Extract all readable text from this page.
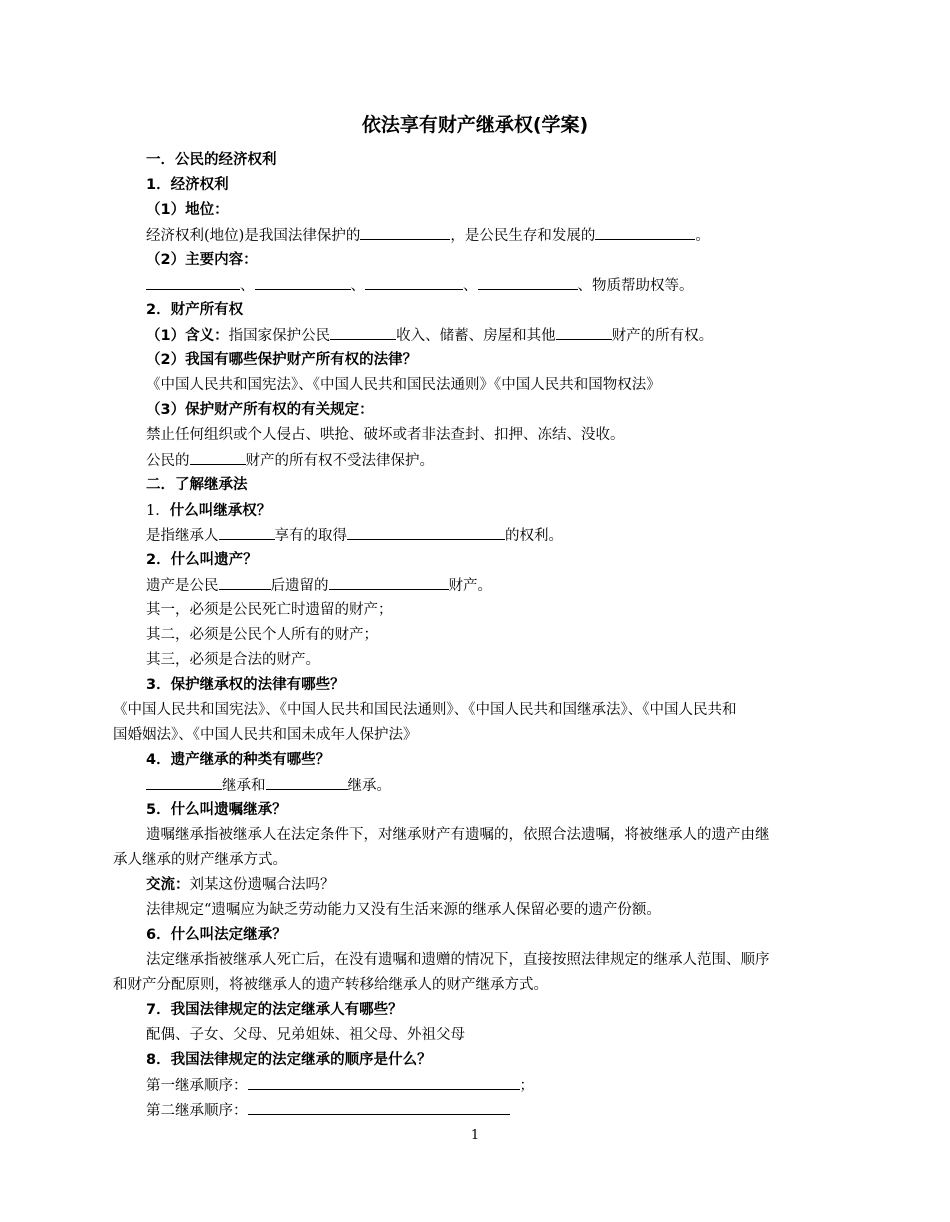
依法享有财产继承权(学案)
一．公民的经济权利
1．经济权利
（1）地位：
经济权利(地位)是我国法律保护的	，是公民生存和发展的	。
（2）主要内容：
、	、	、	、物质帮助权等。
2．财产所有权
（1）含义：指国家保护公民	收入、储蓄、房屋和其他	财产的所有权。
（2）我国有哪些保护财产所有权的法律？
《中国人民共和国宪法》、《中国人民共和国民法通则》《中国人民共和国物权法》
（3）保护财产所有权的有关规定：
禁止任何组织或个人侵占、哄抢、破坏或者非法查封、扣押、冻结、没收。
公民的	财产的所有权不受法律保护。
二．了解继承法
1．什么叫继承权？
是指继承人	享有的取得	的权利。
2．什么叫遗产？
遗产是公民	后遗留的	财产。
其一，必须是公民死亡时遗留的财产；
其二，必须是公民个人所有的财产；
其三，必须是合法的财产。
3．保护继承权的法律有哪些？
《中国人民共和国宪法》、《中国人民共和国民法通则》、《中国人民共和国继承法》、《中国人民共和
国婚姻法》、《中国人民共和国未成年人保护法》
4．遗产继承的种类有哪些？
继承和	继承。
5．什么叫遗嘱继承？
遗嘱继承指被继承人在法定条件下，对继承财产有遗嘱的，依照合法遗嘱，将被继承人的遗产由继
承人继承的财产继承方式。
交流：刘某这份遗嘱合法吗？
法律规定“遗嘱应为缺乏劳动能力又没有生活来源的继承人保留必要的遗产份额。
6．什么叫法定继承？
法定继承指被继承人死亡后，在没有遗嘱和遗赠的情况下，直接按照法律规定的继承人范围、顺序
和财产分配原则，将被继承人的遗产转移给继承人的财产继承方式。
7．我国法律规定的法定继承人有哪些？
配偶、子女、父母、兄弟姐妹、祖父母、外祖父母
8．我国法律规定的法定继承的顺序是什么？
第一继承顺序：	；
第二继承顺序：
1
